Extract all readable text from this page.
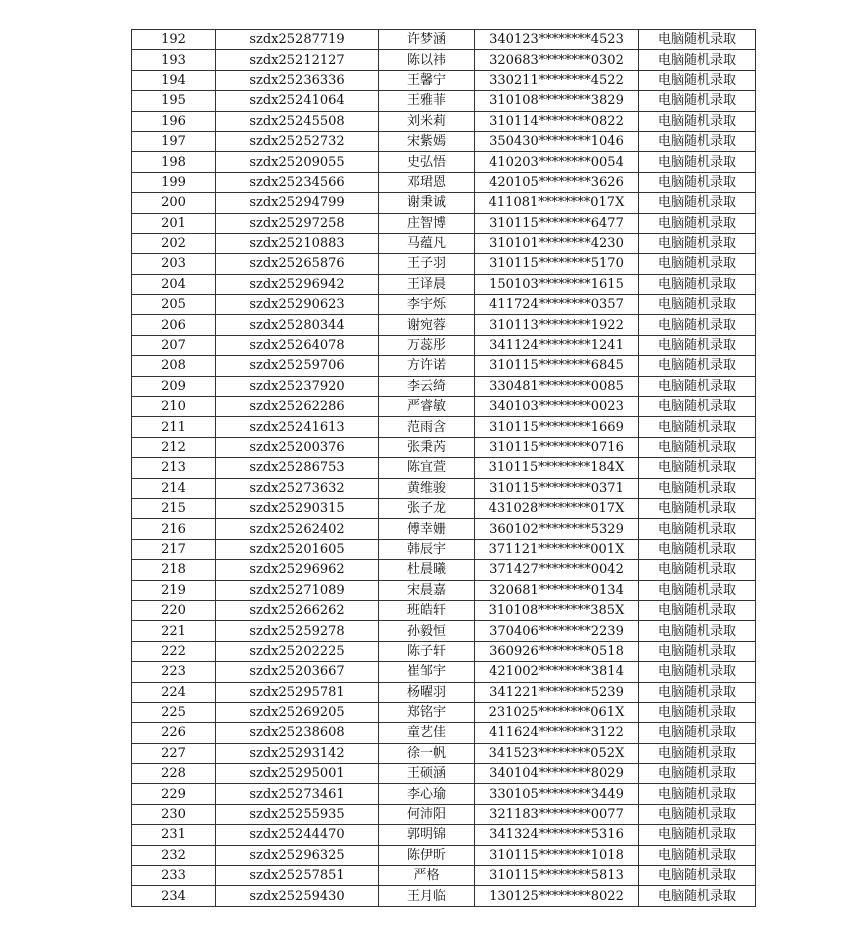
192	szdx25287719	许梦涵	340123********4523	电脑随机录取
193	szdx25212127	陈以祎	320683********0302	电脑随机录取
194	szdx25236336	王馨宁	330211********4522	电脑随机录取
195	szdx25241064	王雅菲	310108********3829	电脑随机录取
196	szdx25245508	刘米莉	310114********0822	电脑随机录取
197	szdx25252732	宋紫嫣	350430********1046	电脑随机录取
198	szdx25209055	史弘悟	410203********0054	电脑随机录取
199	szdx25234566	邓珺恩	420105********3626	电脑随机录取
200	szdx25294799	谢秉诚	411081********017X	电脑随机录取
201	szdx25297258	庄智博	310115********6477	电脑随机录取
202	szdx25210883	马蕴凡	310101********4230	电脑随机录取
203	szdx25265876	王子羽	310115********5170	电脑随机录取
204	szdx25296942	王译晨	150103********1615	电脑随机录取
205	szdx25290623	李宇烁	411724********0357	电脑随机录取
206	szdx25280344	谢宛蓉	310113********1922	电脑随机录取
207	szdx25264078	万蕊彤	341124********1241	电脑随机录取
208	szdx25259706	方许诺	310115********6845	电脑随机录取
209	szdx25237920	李云绮	330481********0085	电脑随机录取
210	szdx25262286	严睿敏	340103********0023	电脑随机录取
211	szdx25241613	范雨含	310115********1669	电脑随机录取
212	szdx25200376	张秉芮	310115********0716	电脑随机录取
213	szdx25286753	陈宜萱	310115********184X	电脑随机录取
214	szdx25273632	黄维骏	310115********0371	电脑随机录取
215	szdx25290315	张子龙	431028********017X	电脑随机录取
216	szdx25262402	傅幸姗	360102********5329	电脑随机录取
217	szdx25201605	韩辰宇	371121********001X	电脑随机录取
218	szdx25296962	杜晨曦	371427********0042	电脑随机录取
219	szdx25271089	宋晨嘉	320681********0134	电脑随机录取
220	szdx25266262	班皓轩	310108********385X	电脑随机录取
221	szdx25259278	孙毅恒	370406********2239	电脑随机录取
222	szdx25202225	陈子轩	360926********0518	电脑随机录取
223	szdx25203667	崔邹宇	421002********3814	电脑随机录取
224	szdx25295781	杨曜羽	341221********5239	电脑随机录取
225	szdx25269205	郑铭宇	231025********061X	电脑随机录取
226	szdx25238608	童艺佳	411624********3122	电脑随机录取
227	szdx25293142	徐一帆	341523********052X	电脑随机录取
228	szdx25295001	王硕涵	340104********8029	电脑随机录取
229	szdx25273461	李心瑜	330105********3449	电脑随机录取
230	szdx25255935	何沛阳	321183********0077	电脑随机录取
231	szdx25244470	郭明锦	341324********5316	电脑随机录取
232	szdx25296325	陈伊昕	310115********1018	电脑随机录取
233	szdx25257851	严格	310115********5813	电脑随机录取
234	szdx25259430	王月临	130125********8022	电脑随机录取
